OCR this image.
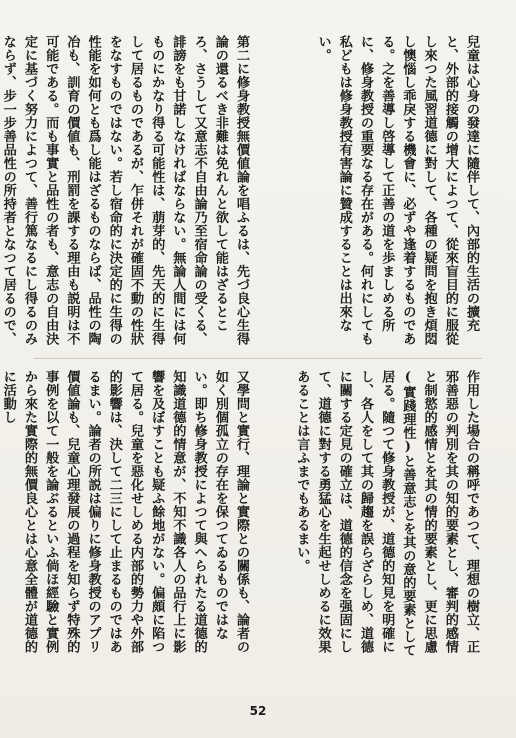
第二に修身教授無價値論を唱ふるは、先づ良心生得論の還るべき非難は免れんと欲して能はざるところ、さうして又意志不自由論乃至宿命論の受くる、誹謗をも甘諾しなければならない。無論人間には何ものにかなり得る可能性は、萠芽的、先天的に生得して居るものであるが、乍併それが確固不動の性狀をなすものではない。若し宿命的に決定的に生得の性能を如何とも爲し能はざるものならば、品性の陶冶も、訓育の價値も、刑罰を課する理由も説明は不可能である。而も事實と品性の者も、意志の自由決定に基づく努力によつて、善行篤なるにし得るのみならず、步一步善品性の所持者となつて居るので、
兒童は心身の發達に隨伴して、內部的生活の擴充と、外部的接觸の增大によつて、從來盲目的に服從し來つた風習道德に對して、各種の疑問を抱き煩悶し懊惱し乖戾する機會に、必ずや逢着するものである。之を善導し啓導して正善の道を歩ましめる所に、修身教授の重要なる存在がある。何れにしても私どもは修身教授有害論に贊成することは出來ない。
又學問と實行、理論と實際との關係も、論者の如く別個孤立の存在を保つてゐるものではない。即ち修身教授によつて與へられたる道德的知識道德的情意が、不知不識各人の品行上に影響を及ぼすことも疑ふ餘地がない。偏頗に陷つて居る。兒童を惡化せしめる内部的勢力や外部的影響は、決して二三にして止まるものではあるまい。論者の所説は偏りに修身教授のアプリ價値論も、兒童心理發展の過程を知らず特殊的事例を以て一般を論ぶるといふ倘ほ經驗と實例から來た實際的無價良心とは心意全體が道德的に活動し	作用した場合の稱呼であつて、理想の樹立、正邪善惡の判別を其の知的要素とし、審判的感情と制慾的感情とを其の情的要素とし、更に思慮(實踐理性)と善意志とを其の意的要素として居る。隨つて修身教授が、道德的知見を明確にし、各人をして其の歸趨を誤らざらしめ、道德に關する定見の確立は、道德的信念を强固にして、道德に對する勇猛心を生起せしめるに效果あることは言ふまでもあるまい。
52
